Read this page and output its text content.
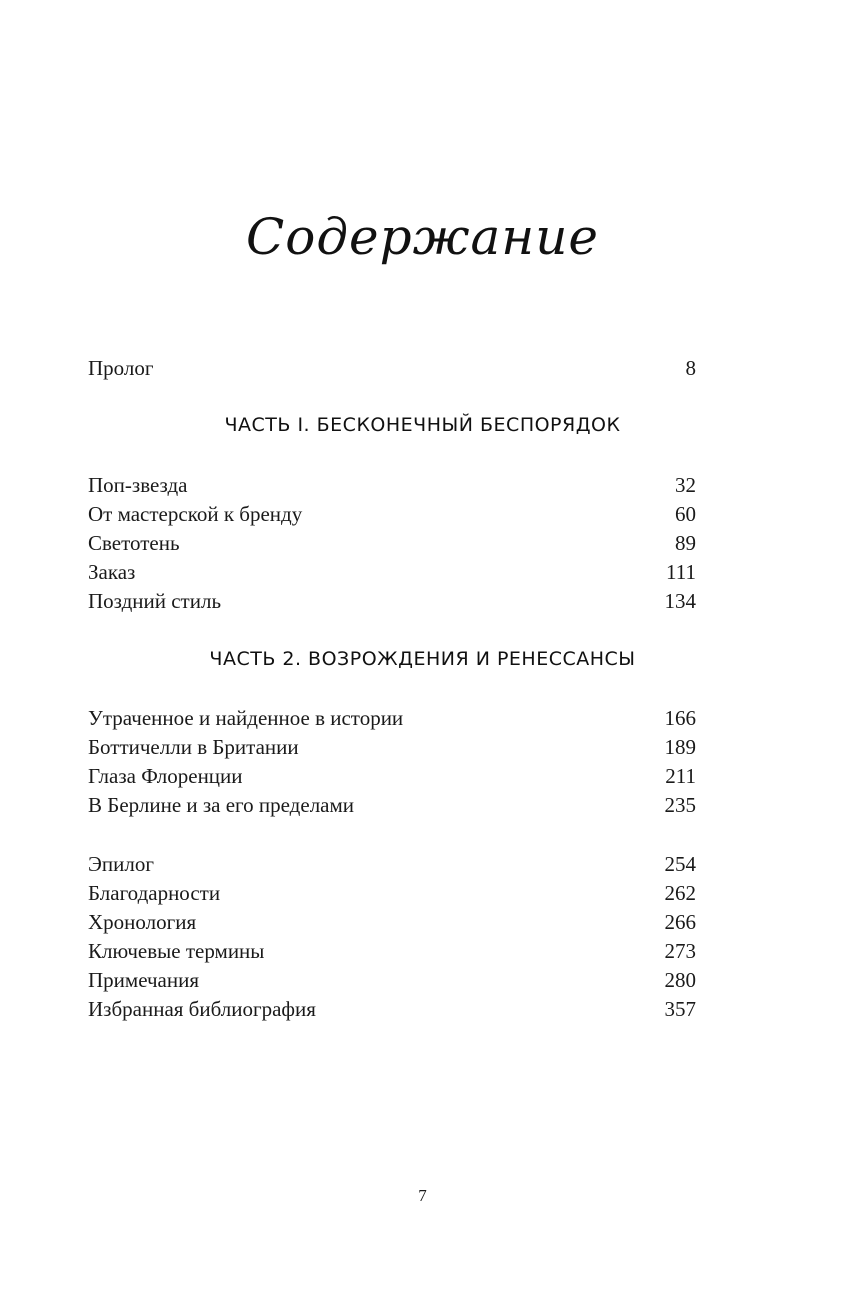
Содержание
Пролог	8
ЧАСТЬ I. БЕСКОНЕЧНЫЙ БЕСПОРЯДОК
Поп-звезда	32
От мастерской к бренду	60
Светотень	89
Заказ	111
Поздний стиль	134
ЧАСТЬ 2. ВОЗРОЖДЕНИЯ И РЕНЕССАНСЫ
Утраченное и найденное в истории	166
Боттичелли в Британии	189
Глаза Флоренции	211
В Берлине и за его пределами	235
Эпилог	254
Благодарности	262
Хронология	266
Ключевые термины	273
Примечания	280
Избранная библиография	357
7
